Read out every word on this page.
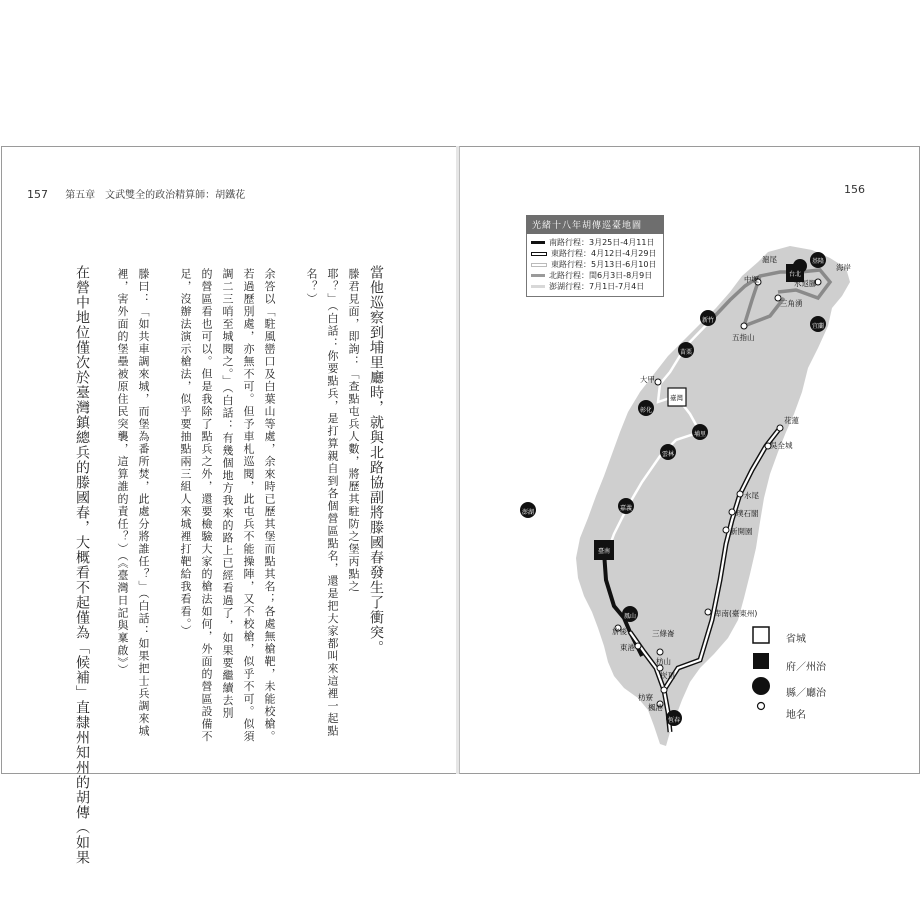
157 第五章　文武雙全的政治精算師：胡鐵花	156
當他巡察到埔里廳時，就與北路協副將滕國春發生了衝突。
滕君見面，即詢：「查點屯兵人數，將歷其駐防之堡丙點之
耶？」（白話：你要點兵，是打算親自到各個營區點名，還是把大家都叫來這裡一起點
名？）
余答以「駐風巒口及白葉山等處，余來時已歷其堡而點其名；各處無槍靶，未能校槍。
若過歷別處，亦無不可。但予車札巡閱，此屯兵不能操陣，又不校槍，似乎不可。似須
調二三哨至城閱之。」（白話：有幾個地方我來的路上已經看過了，如果要繼續去別
的營區看也可以。但是我除了點兵之外，還要檢驗大家的槍法如何，外面的營區設備不
足，沒辦法演示槍法，似乎要抽點兩三組人來城裡打靶給我看看。）
滕曰：「如共車調來城，而堡為番所焚，此處分將誰任？」（白話：如果把士兵調來城
裡，害外面的堡壘被原住民突襲，這算誰的責任？）（《臺灣日記與稟啟》）
在營中地位僅次於臺灣鎮總兵的滕國春，大概看不起僅為「候補」直隸州知州的胡傳（如果
光緒十八年胡傳巡臺地圖
南路行程：3月25日-4月11日
東路行程：4月12日-4月29日
東路行程：5月13日-6月10日
北路行程：閏6月3日-8月9日
澎湖行程：7月1日-7月4日
滬尾
台北
基隆
海岸
中壢	水返腳
三角湧
五指山
宜蘭
新竹
苗栗
大甲
臺灣
彰化
埔里
雲林
嘉義
澎湖
臺南
鳳山
旂後
東港
三條崙
枋山
枋寮
崁頂
楓港
恆春
卑南(臺東州)
新開園
璞石閣
水尾
花蓮
吳全城
省城
府／州治
縣／廳治
地名
